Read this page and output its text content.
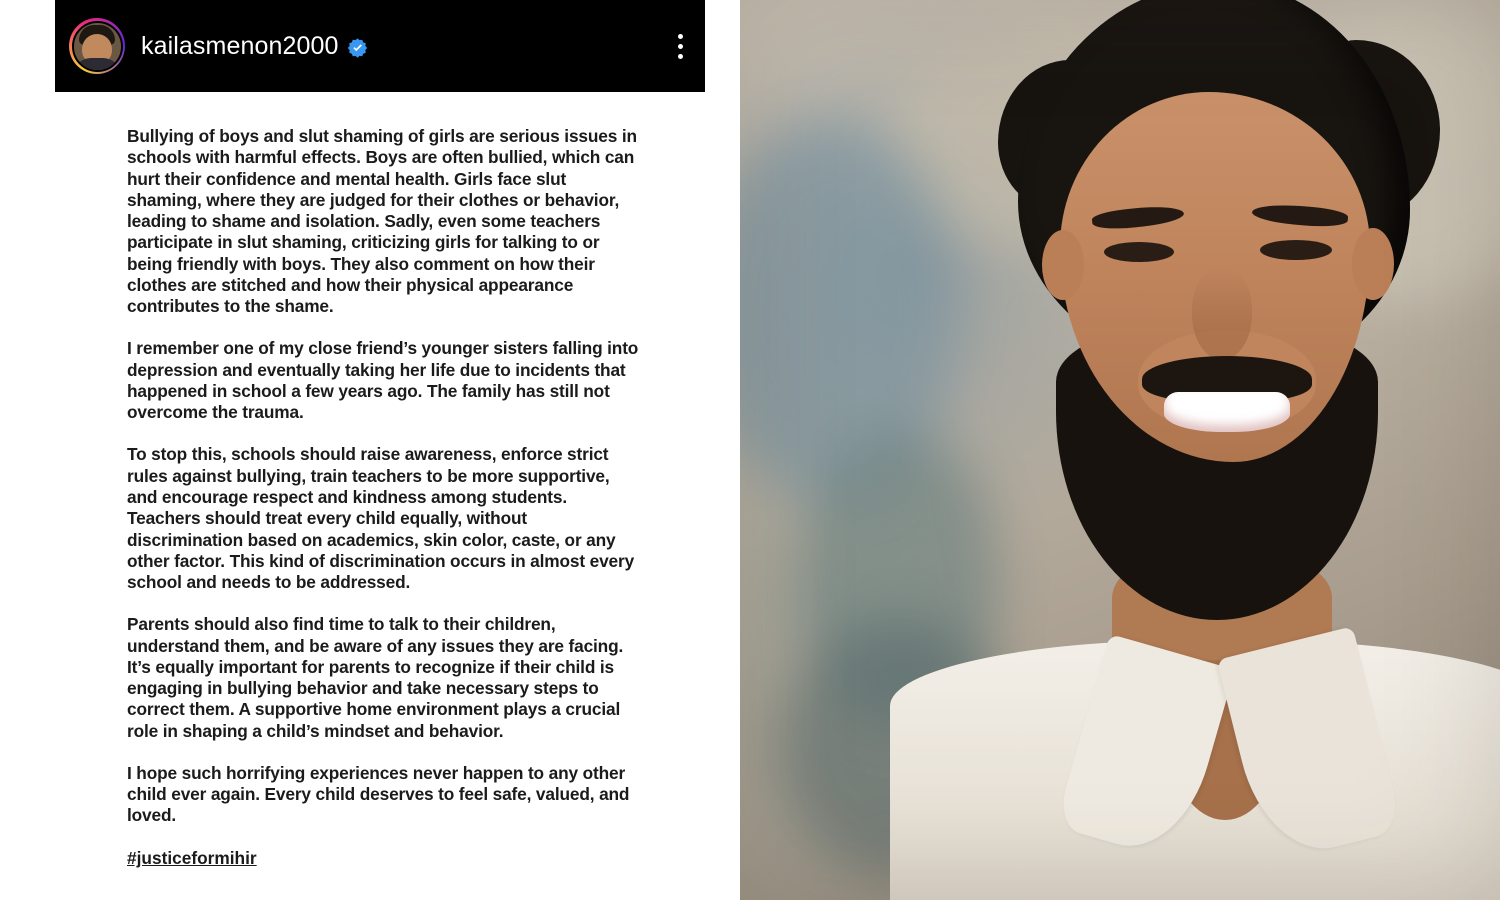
kailasmenon2000

Bullying of boys and slut shaming of girls are serious issues in schools with harmful effects. Boys are often bullied, which can hurt their confidence and mental health. Girls face slut shaming, where they are judged for their clothes or behavior, leading to shame and isolation. Sadly, even some teachers participate in slut shaming, criticizing girls for talking to or being friendly with boys. They also comment on how their clothes are stitched and how their physical appearance contributes to the shame.

I remember one of my close friend’s younger sisters falling into depression and eventually taking her life due to incidents that happened in school a few years ago. The family has still not overcome the trauma.

To stop this, schools should raise awareness, enforce strict rules against bullying, train teachers to be more supportive, and encourage respect and kindness among students. Teachers should treat every child equally, without discrimination based on academics, skin color, caste, or any other factor. This kind of discrimination occurs in almost every school and needs to be addressed.

Parents should also find time to talk to their children, understand them, and be aware of any issues they are facing. It’s equally important for parents to recognize if their child is engaging in bullying behavior and take necessary steps to correct them. A supportive home environment plays a crucial role in shaping a child’s mindset and behavior.

I hope such horrifying experiences never happen to any other child ever again. Every child deserves to feel safe, valued, and loved.

#justiceformihir
